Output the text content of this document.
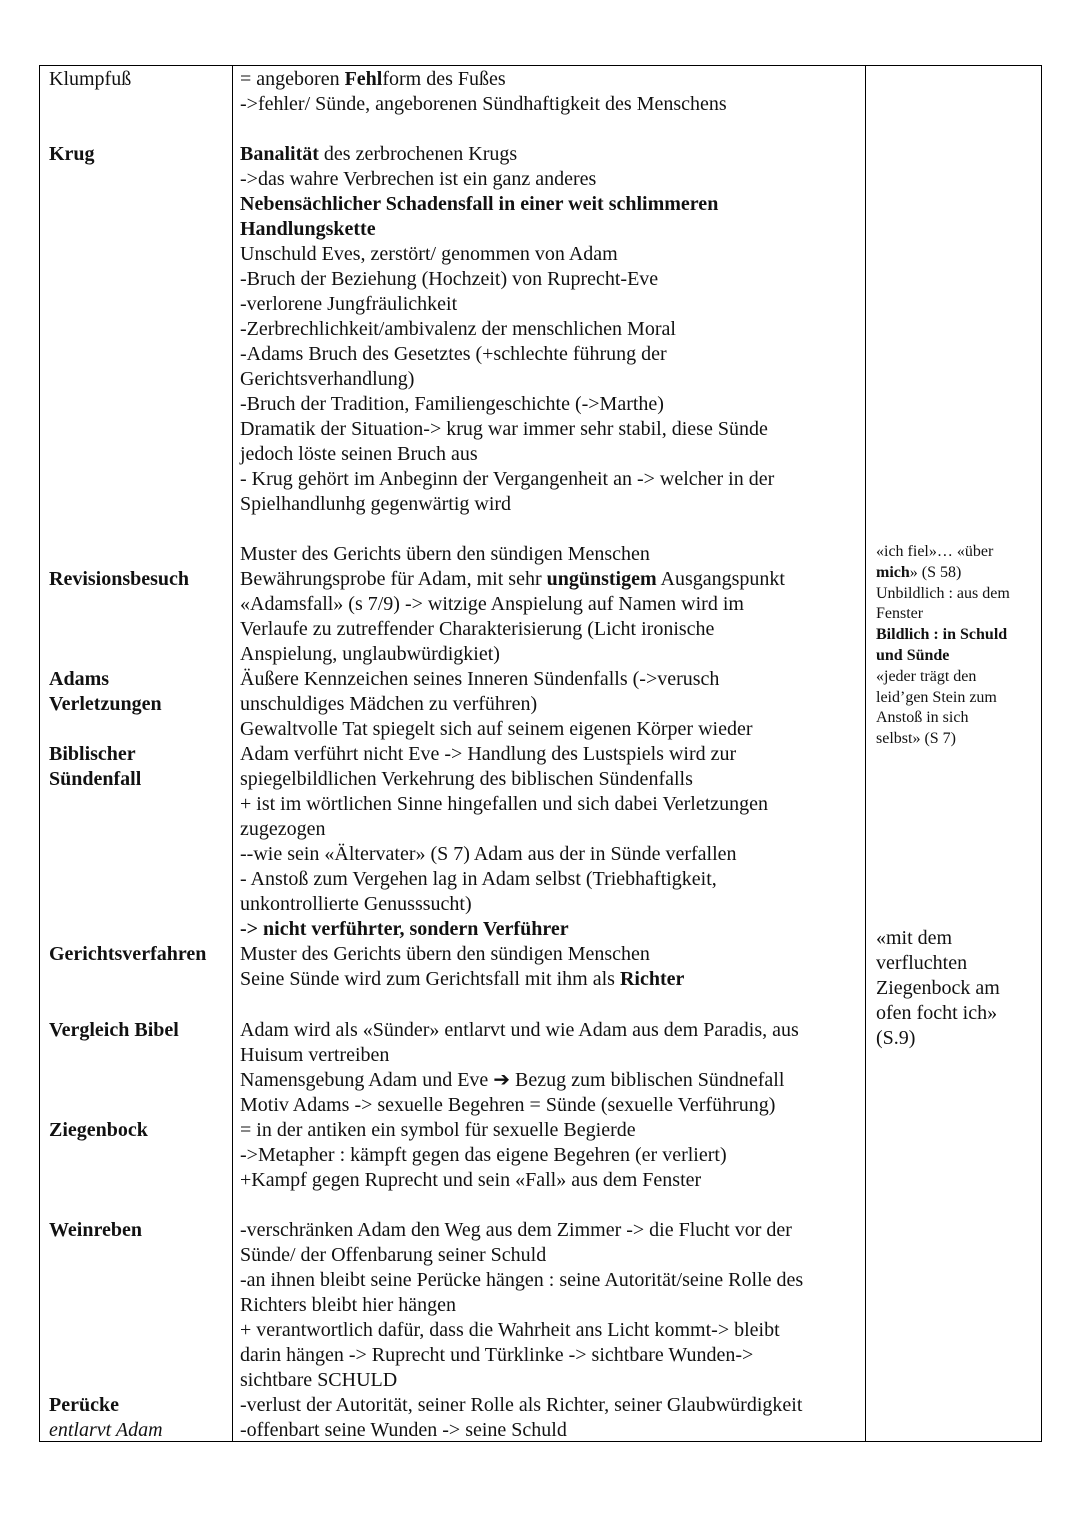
Klumpfuß
Krug
Revisionsbesuch
Adams
Verletzungen
Biblischer
Sündenfall
Gerichtsverfahren
Vergleich Bibel
Ziegenbock
Weinreben
Perücke
entlarvt Adam
= angeboren Fehlform des Fußes
->fehler/ Sünde, angeborenen Sündhaftigkeit des Menschens
Banalität des zerbrochenen Krugs
->das wahre Verbrechen ist ein ganz anderes
Nebensächlicher Schadensfall in einer weit schlimmeren
Handlungskette
Unschuld Eves, zerstört/ genommen von Adam
-Bruch der Beziehung (Hochzeit) von Ruprecht-Eve
-verlorene Jungfräulichkeit
-Zerbrechlichkeit/ambivalenz der menschlichen Moral
-Adams Bruch des Gesetztes (+schlechte führung der
Gerichtsverhandlung)
-Bruch der Tradition, Familiengeschichte (->Marthe)
Dramatik der Situation-> krug war immer sehr stabil, diese Sünde
jedoch löste seinen Bruch aus
- Krug gehört im Anbeginn der Vergangenheit an -> welcher in der
Spielhandlunhg gegenwärtig wird
Muster des Gerichts übern den sündigen Menschen
Bewährungsprobe für Adam, mit sehr ungünstigem Ausgangspunkt
«Adamsfall» (s 7/9) -> witzige Anspielung auf Namen wird im
Verlaufe zu zutreffender Charakterisierung (Licht ironische
Anspielung, unglaubwürdigkiet)
Äußere Kennzeichen seines Inneren Sündenfalls (->verusch
unschuldiges Mädchen zu verführen)
Gewaltvolle Tat spiegelt sich auf seinem eigenen Körper wieder
Adam verführt nicht Eve -> Handlung des Lustspiels wird zur
spiegelbildlichen Verkehrung des biblischen Sündenfalls
+ ist im wörtlichen Sinne hingefallen und sich dabei Verletzungen
zugezogen
--wie sein «Ältervater» (S 7) Adam aus der in Sünde verfallen
- Anstoß zum Vergehen lag in Adam selbst (Triebhaftigkeit,
unkontrollierte Genusssucht)
-> nicht verführter, sondern Verführer
Muster des Gerichts übern den sündigen Menschen
Seine Sünde wird zum Gerichtsfall mit ihm als Richter
Adam wird als «Sünder» entlarvt und wie Adam aus dem Paradis, aus
Huisum vertreiben
Namensgebung Adam und Eve ➔ Bezug zum biblischen Sündnefall
Motiv Adams -> sexuelle Begehren = Sünde (sexuelle Verführung)
= in der antiken ein symbol für sexuelle Begierde
->Metapher : kämpft gegen das eigene Begehren (er verliert)
+Kampf gegen Ruprecht und sein «Fall» aus dem Fenster
-verschränken Adam den Weg aus dem Zimmer -> die Flucht vor der
Sünde/ der Offenbarung seiner Schuld
-an ihnen bleibt seine Perücke hängen : seine Autorität/seine Rolle des
Richters bleibt hier hängen
+ verantwortlich dafür, dass die Wahrheit ans Licht kommt-> bleibt
darin hängen -> Ruprecht und Türklinke -> sichtbare Wunden->
sichtbare SCHULD
-verlust der Autorität, seiner Rolle als Richter, seiner Glaubwürdigkeit
-offenbart seine Wunden -> seine Schuld
«ich fiel»… «über
mich» (S 58)
Unbildlich : aus dem
Fenster
Bildlich : in Schuld
und Sünde
«jeder trägt den
leid’gen Stein zum
Anstoß in sich
selbst» (S 7)
«mit dem
verfluchten
Ziegenbock am
ofen focht ich»
(S.9)
